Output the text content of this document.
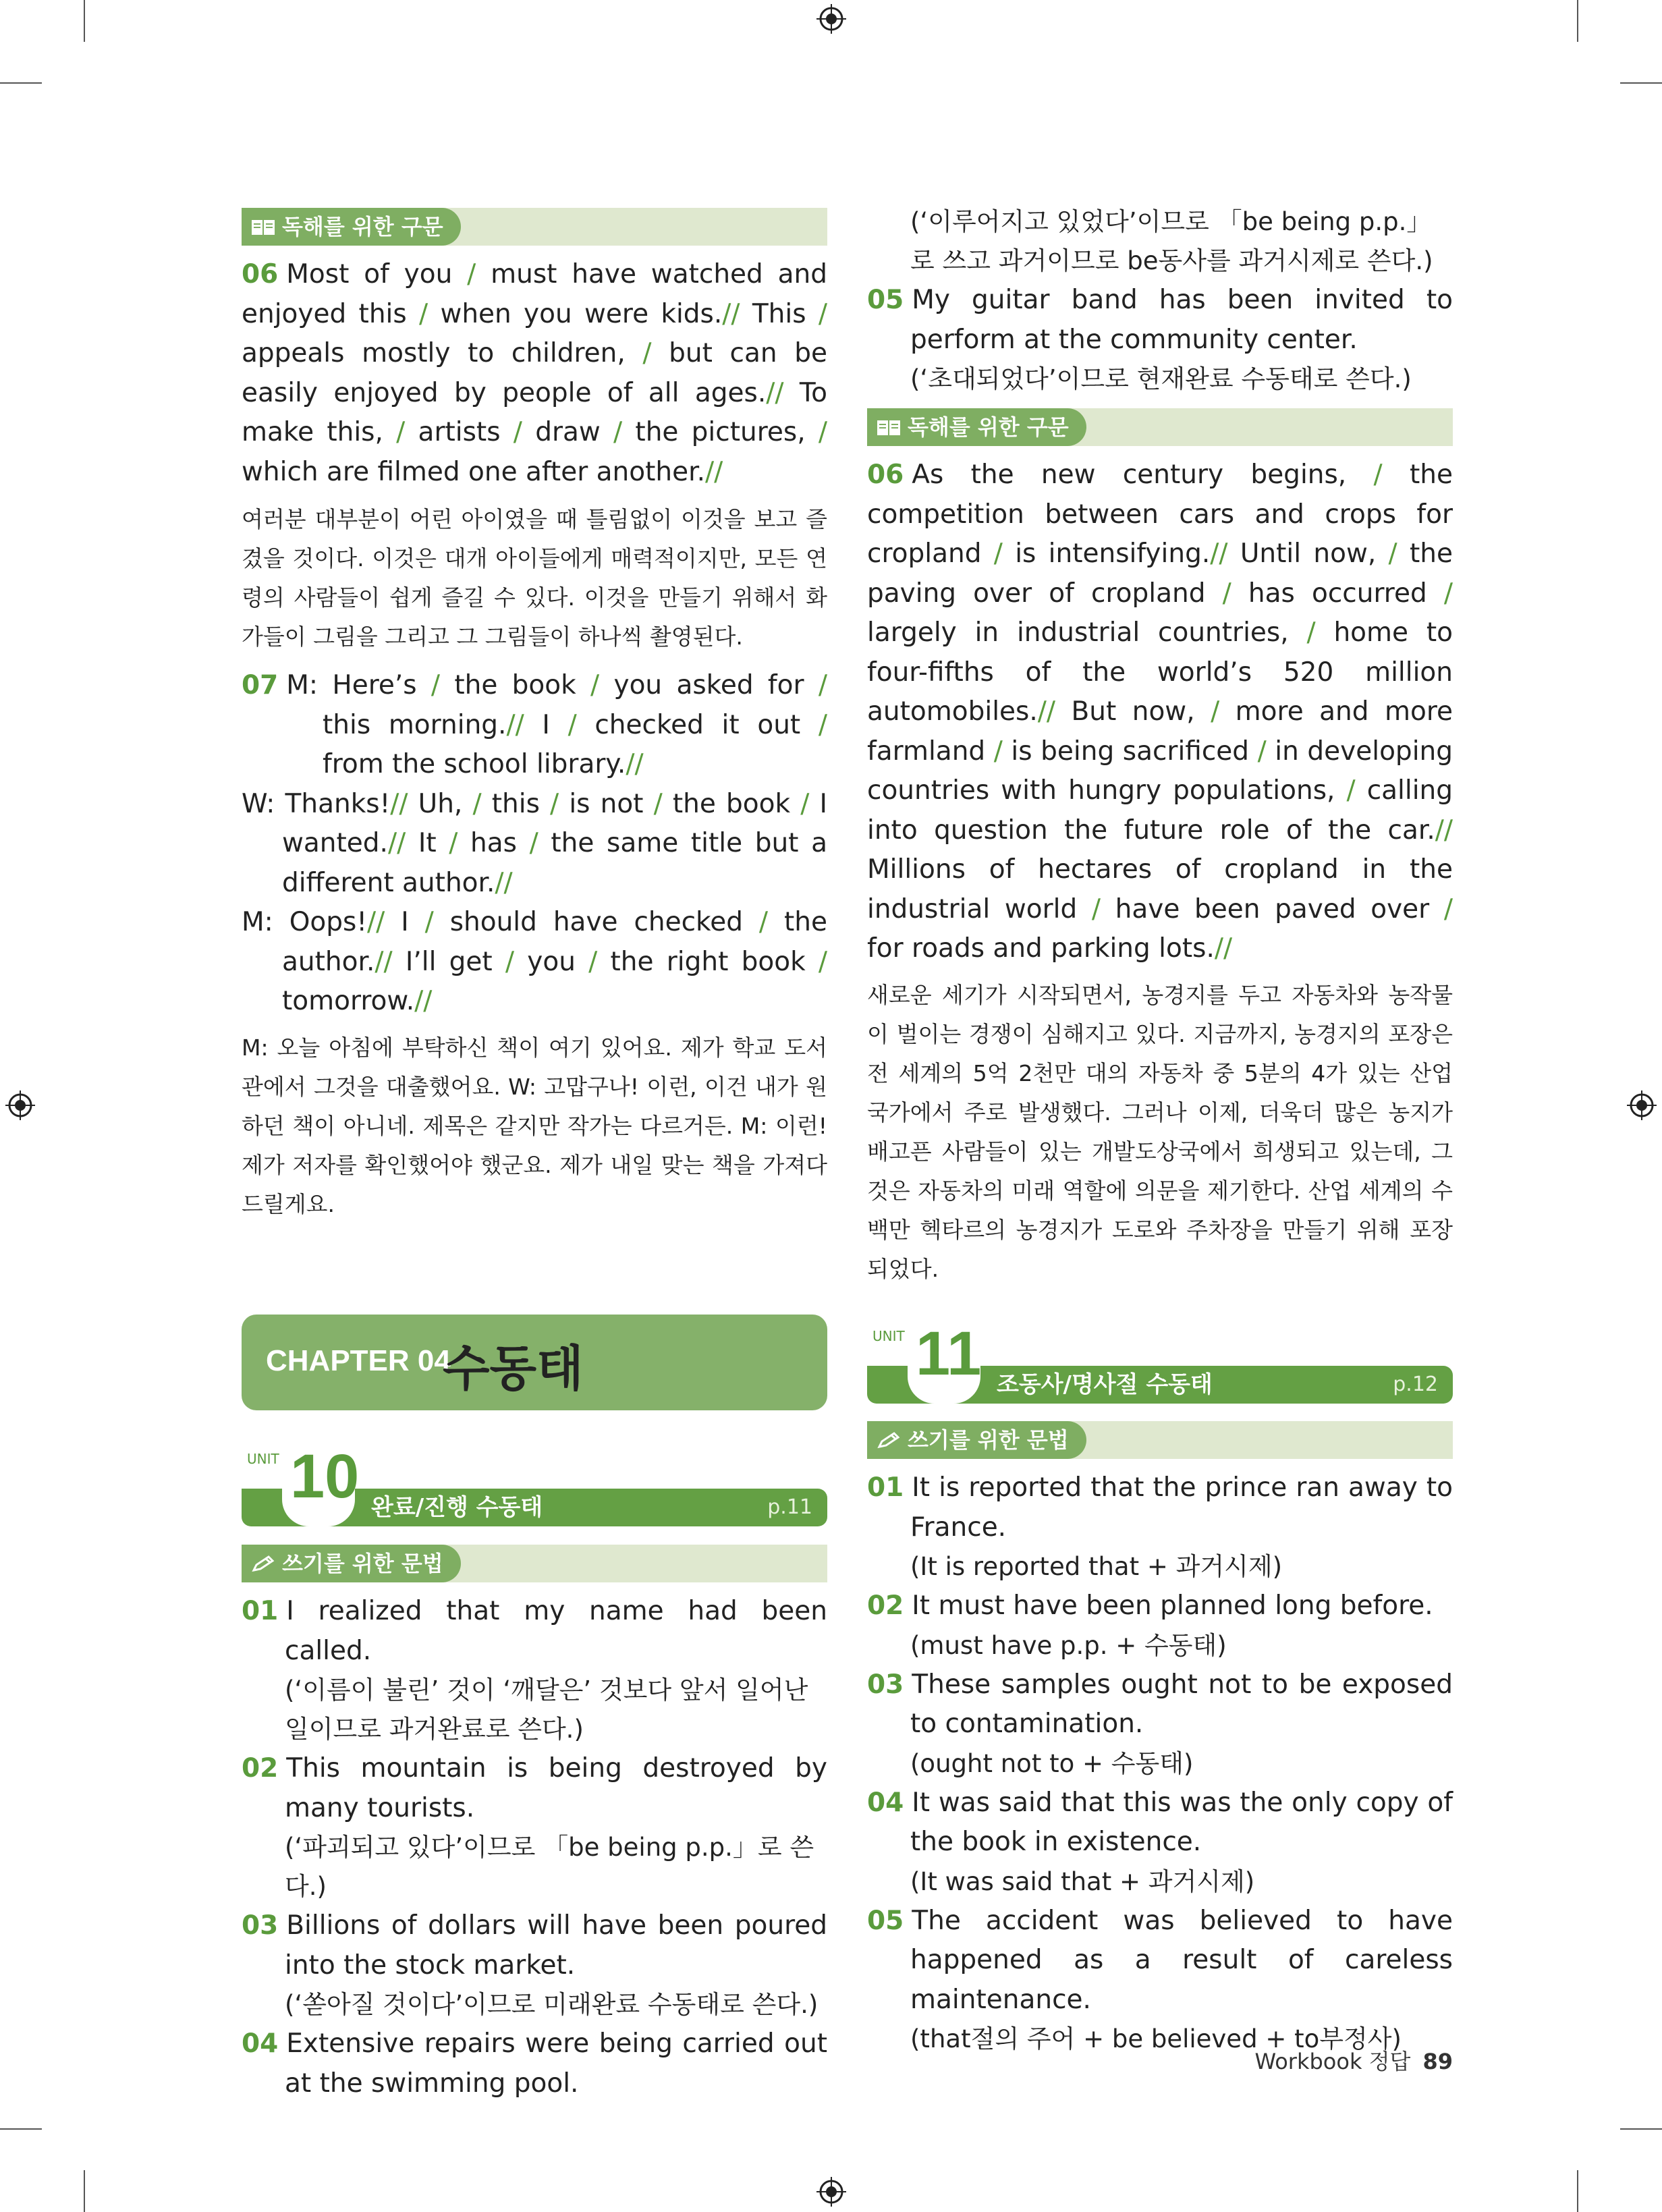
독해를 위한 구문

06 Most of you / must have watched and enjoyed this / when you were kids.// This / appeals mostly to children, / but can be easily enjoyed by people of all ages.// To make this, / artists / draw / the pictures, / which are filmed one after another.//

여러분 대부분이 어린 아이였을 때 틀림없이 이것을 보고 즐겼을 것이다. 이것은 대개 아이들에게 매력적이지만, 모든 연령의 사람들이 쉽게 즐길 수 있다. 이것을 만들기 위해서 화가들이 그림을 그리고 그 그림들이 하나씩 촬영된다.

07 M: Here’s / the book / you asked for / this morning.// I / checked it out / from the school library.//

W: Thanks!// Uh, / this / is not / the book / I wanted.// It / has / the same title but a different author.//

M: Oops!// I / should have checked / the author.// I’ll get / you / the right book / tomorrow.//

M: 오늘 아침에 부탁하신 책이 여기 있어요. 제가 학교 도서관에서 그것을 대출했어요. W: 고맙구나! 이런, 이건 내가 원하던 책이 아니네. 제목은 같지만 작가는 다르거든. M: 이런! 제가 저자를 확인했어야 했군요. 제가 내일 맞는 책을 가져다드릴게요.

(‘이루어지고 있었다’이므로 「be being p.p.」로 쓰고 과거이므로 be동사를 과거시제로 쓴다.)

05 My guitar band has been invited to perform at the community center.

(‘초대되었다’이므로 현재완료 수동태로 쓴다.)

독해를 위한 구문

06 As the new century begins, / the competition between cars and crops for cropland / is intensifying.// Until now, / the paving over of cropland / has occurred / largely in industrial countries, / home to four-fifths of the world’s 520 million automobiles.// But now, / more and more farmland / is being sacrificed / in developing countries with hungry populations, / calling into question the future role of the car.// Millions of hectares of cropland in the industrial world / have been paved over / for roads and parking lots.//

새로운 세기가 시작되면서, 농경지를 두고 자동차와 농작물이 벌이는 경쟁이 심해지고 있다. 지금까지, 농경지의 포장은 전 세계의 5억 2천만 대의 자동차 중 5분의 4가 있는 산업 국가에서 주로 발생했다. 그러나 이제, 더욱더 많은 농지가 배고픈 사람들이 있는 개발도상국에서 희생되고 있는데, 그것은 자동차의 미래 역할에 의문을 제기한다. 산업 세계의 수백만 헥타르의 농경지가 도로와 주차장을 만들기 위해 포장되었다.

CHAPTER 04
수동태
UNIT 10 완료/진행 수동태	p.11
쓰기를 위한 문법

01 I realized that my name had been called.

(‘이름이 불린’ 것이 ‘깨달은’ 것보다 앞서 일어난 일이므로 과거완료로 쓴다.)

02 This mountain is being destroyed by many tourists.

(‘파괴되고 있다’이므로 「be being p.p.」로 쓴다.)

03 Billions of dollars will have been poured into the stock market.

(‘쏟아질 것이다’이므로 미래완료 수동태로 쓴다.)

04 Extensive repairs were being carried out at the swimming pool.

UNIT 11 조동사/명사절 수동태	p.12
쓰기를 위한 문법

01 It is reported that the prince ran away to France.

(It is reported that + 과거시제)

02 It must have been planned long before.

(must have p.p. + 수동태)

03 These samples ought not to be exposed to contamination.

(ought not to + 수동태)

04 It was said that this was the only copy of the book in existence.

(It was said that + 과거시제)

05 The accident was believed to have happened as a result of careless maintenance.

(that절의 주어 + be believed + to부정사)

Workbook 정답 89
